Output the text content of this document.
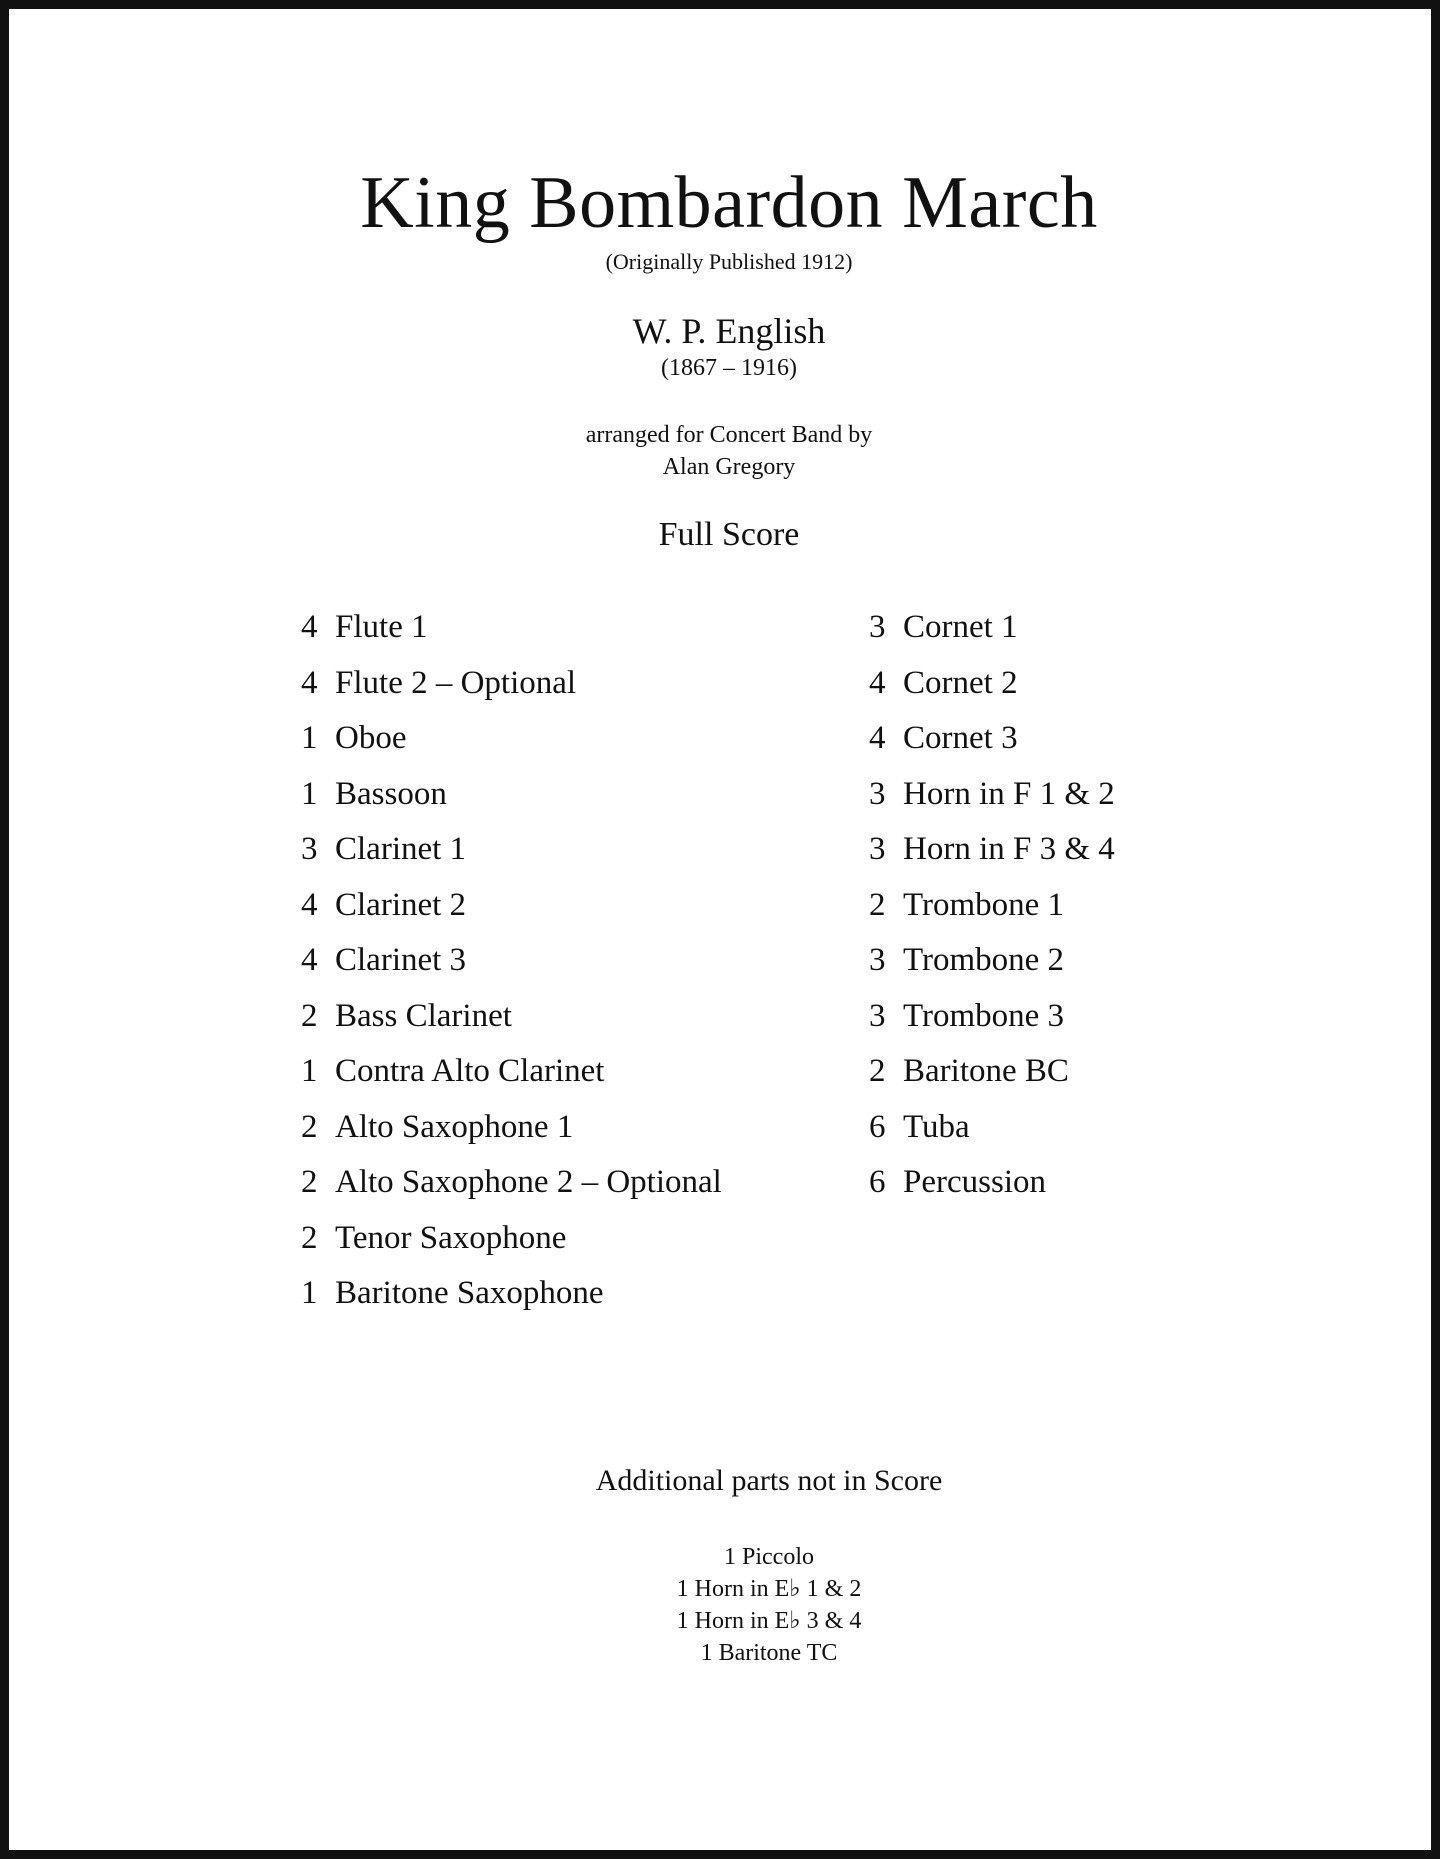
King Bombardon March
(Originally Published 1912)
W. P. English
(1867 – 1916)
arranged for Concert Band by
Alan Gregory
Full Score
4 Flute 1
4 Flute 2 – Optional
1 Oboe
1 Bassoon
3 Clarinet 1
4 Clarinet 2
4 Clarinet 3
2 Bass Clarinet
1 Contra Alto Clarinet
2 Alto Saxophone 1
2 Alto Saxophone 2 – Optional
2 Tenor Saxophone
1 Baritone Saxophone
3 Cornet 1
4 Cornet 2
4 Cornet 3
3 Horn in F 1 & 2
3 Horn in F 3 & 4
2 Trombone 1
3 Trombone 2
3 Trombone 3
2 Baritone BC
6 Tuba
6 Percussion
Additional parts not in Score
1 Piccolo
1 Horn in E♭ 1 & 2
1 Horn in E♭ 3 & 4
1 Baritone TC
